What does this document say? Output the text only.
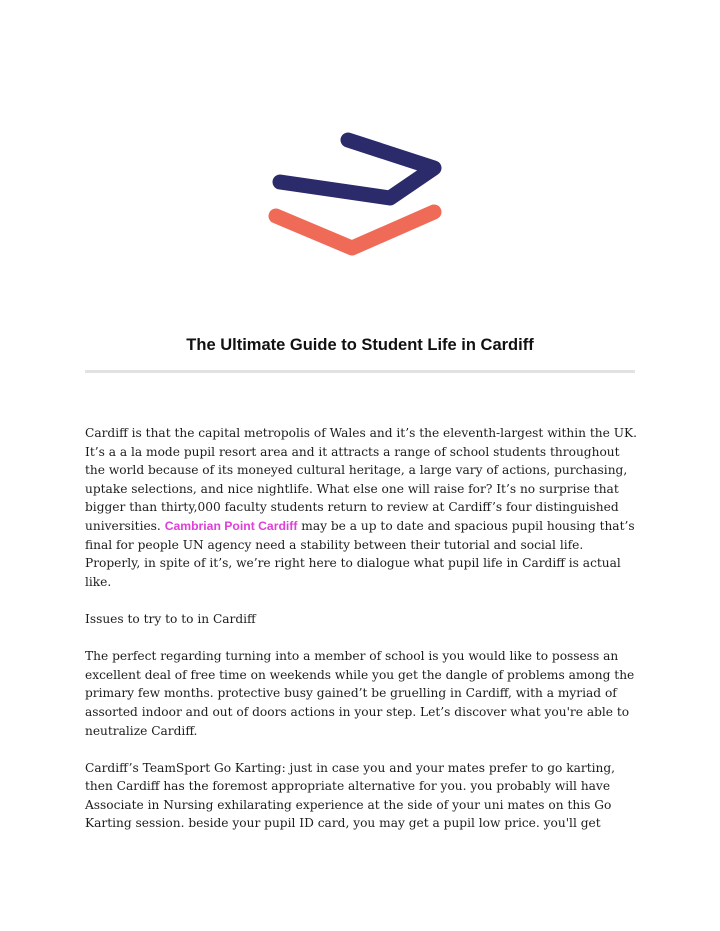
The Ultimate Guide to Student Life in Cardiff

Cardiff is that the capital metropolis of Wales and it’s the eleventh-largest within the UK. It’s a a la mode pupil resort area and it attracts a range of school students throughout the world because of its moneyed cultural heritage, a large vary of actions, purchasing, uptake selections, and nice nightlife. What else one will raise for? It’s no surprise that bigger than thirty,000 faculty students return to review at Cardiff’s four distinguished universities. Cambrian Point Cardiff may be a up to date and spacious pupil housing that’s final for people UN agency need a stability between their tutorial and social life. Properly, in spite of it’s, we’re right here to dialogue what pupil life in Cardiff is actual like.

Issues to try to to in Cardiff

The perfect regarding turning into a member of school is you would like to possess an excellent deal of free time on weekends while you get the dangle of problems among the primary few months. protective busy gained’t be gruelling in Cardiff, with a myriad of assorted indoor and out of doors actions in your step. Let’s discover what you're able to neutralize Cardiff.

Cardiff’s TeamSport Go Karting: just in case you and your mates prefer to go karting, then Cardiff has the foremost appropriate alternative for you. you probably will have Associate in Nursing exhilarating experience at the side of your uni mates on this Go Karting session. beside your pupil ID card, you may get a pupil low price. you'll get
